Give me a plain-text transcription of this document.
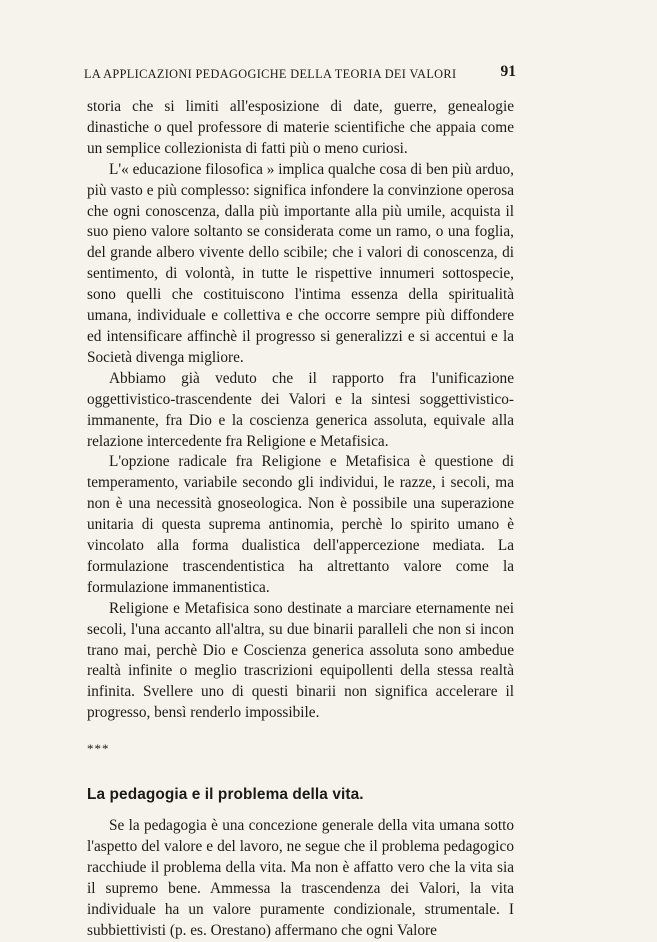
LA APPLICAZIONI PEDAGOGICHE DELLA TEORIA DEI VALORI	91

storia che si limiti all'esposizione di date, guerre, genealogie dinastiche o quel professore di materie scientifiche che appaia come un semplice collezionista di fatti più o meno curiosi.

L'« educazione filosofica » implica qualche cosa di ben più arduo, più vasto e più complesso: significa infondere la convinzione operosa che ogni conoscenza, dalla più importante alla più umile, acquista il suo pieno valore soltanto se considerata come un ramo, o una foglia, del grande albero vivente dello scibile; che i valori di conoscenza, di sentimento, di volontà, in tutte le rispettive innumeri sottospecie, sono quelli che costituiscono l'intima essenza della spiritualità umana, individuale e collettiva e che occorre sempre più diffondere ed intensificare affinchè il progresso si generalizzi e si accentui e la Società divenga migliore.

Abbiamo già veduto che il rapporto fra l'unificazione oggettivistico-trascendente dei Valori e la sintesi soggettivistico-immanente, fra Dio e la coscienza generica assoluta, equivale alla relazione intercedente fra Religione e Metafisica.

L'opzione radicale fra Religione e Metafisica è questione di temperamento, variabile secondo gli individui, le razze, i secoli, ma non è una necessità gnoseologica. Non è possibile una superazione unitaria di questa suprema antinomia, perchè lo spirito umano è vincolato alla forma dualistica dell'appercezione mediata. La formulazione trascendentistica ha altrettanto valore come la formulazione immanentistica.

Religione e Metafisica sono destinate a marciare eternamente nei secoli, l'una accanto all'altra, su due binarii paralleli che non si incon trano mai, perchè Dio e Coscienza generica assoluta sono ambedue realtà infinite o meglio trascrizioni equipollenti della stessa realtà infinita. Svellere uno di questi binarii non significa accelerare il progresso, bensì renderlo impossibile.

***

La pedagogia e il problema della vita.

Se la pedagogia è una concezione generale della vita umana sotto l'aspetto del valore e del lavoro, ne segue che il problema pedagogico racchiude il problema della vita. Ma non è affatto vero che la vita sia il supremo bene. Ammessa la trascendenza dei Valori, la vita individuale ha un valore puramente condizionale, strumentale. I subbiettivisti (p. es. Orestano) affermano che ogni Valore
